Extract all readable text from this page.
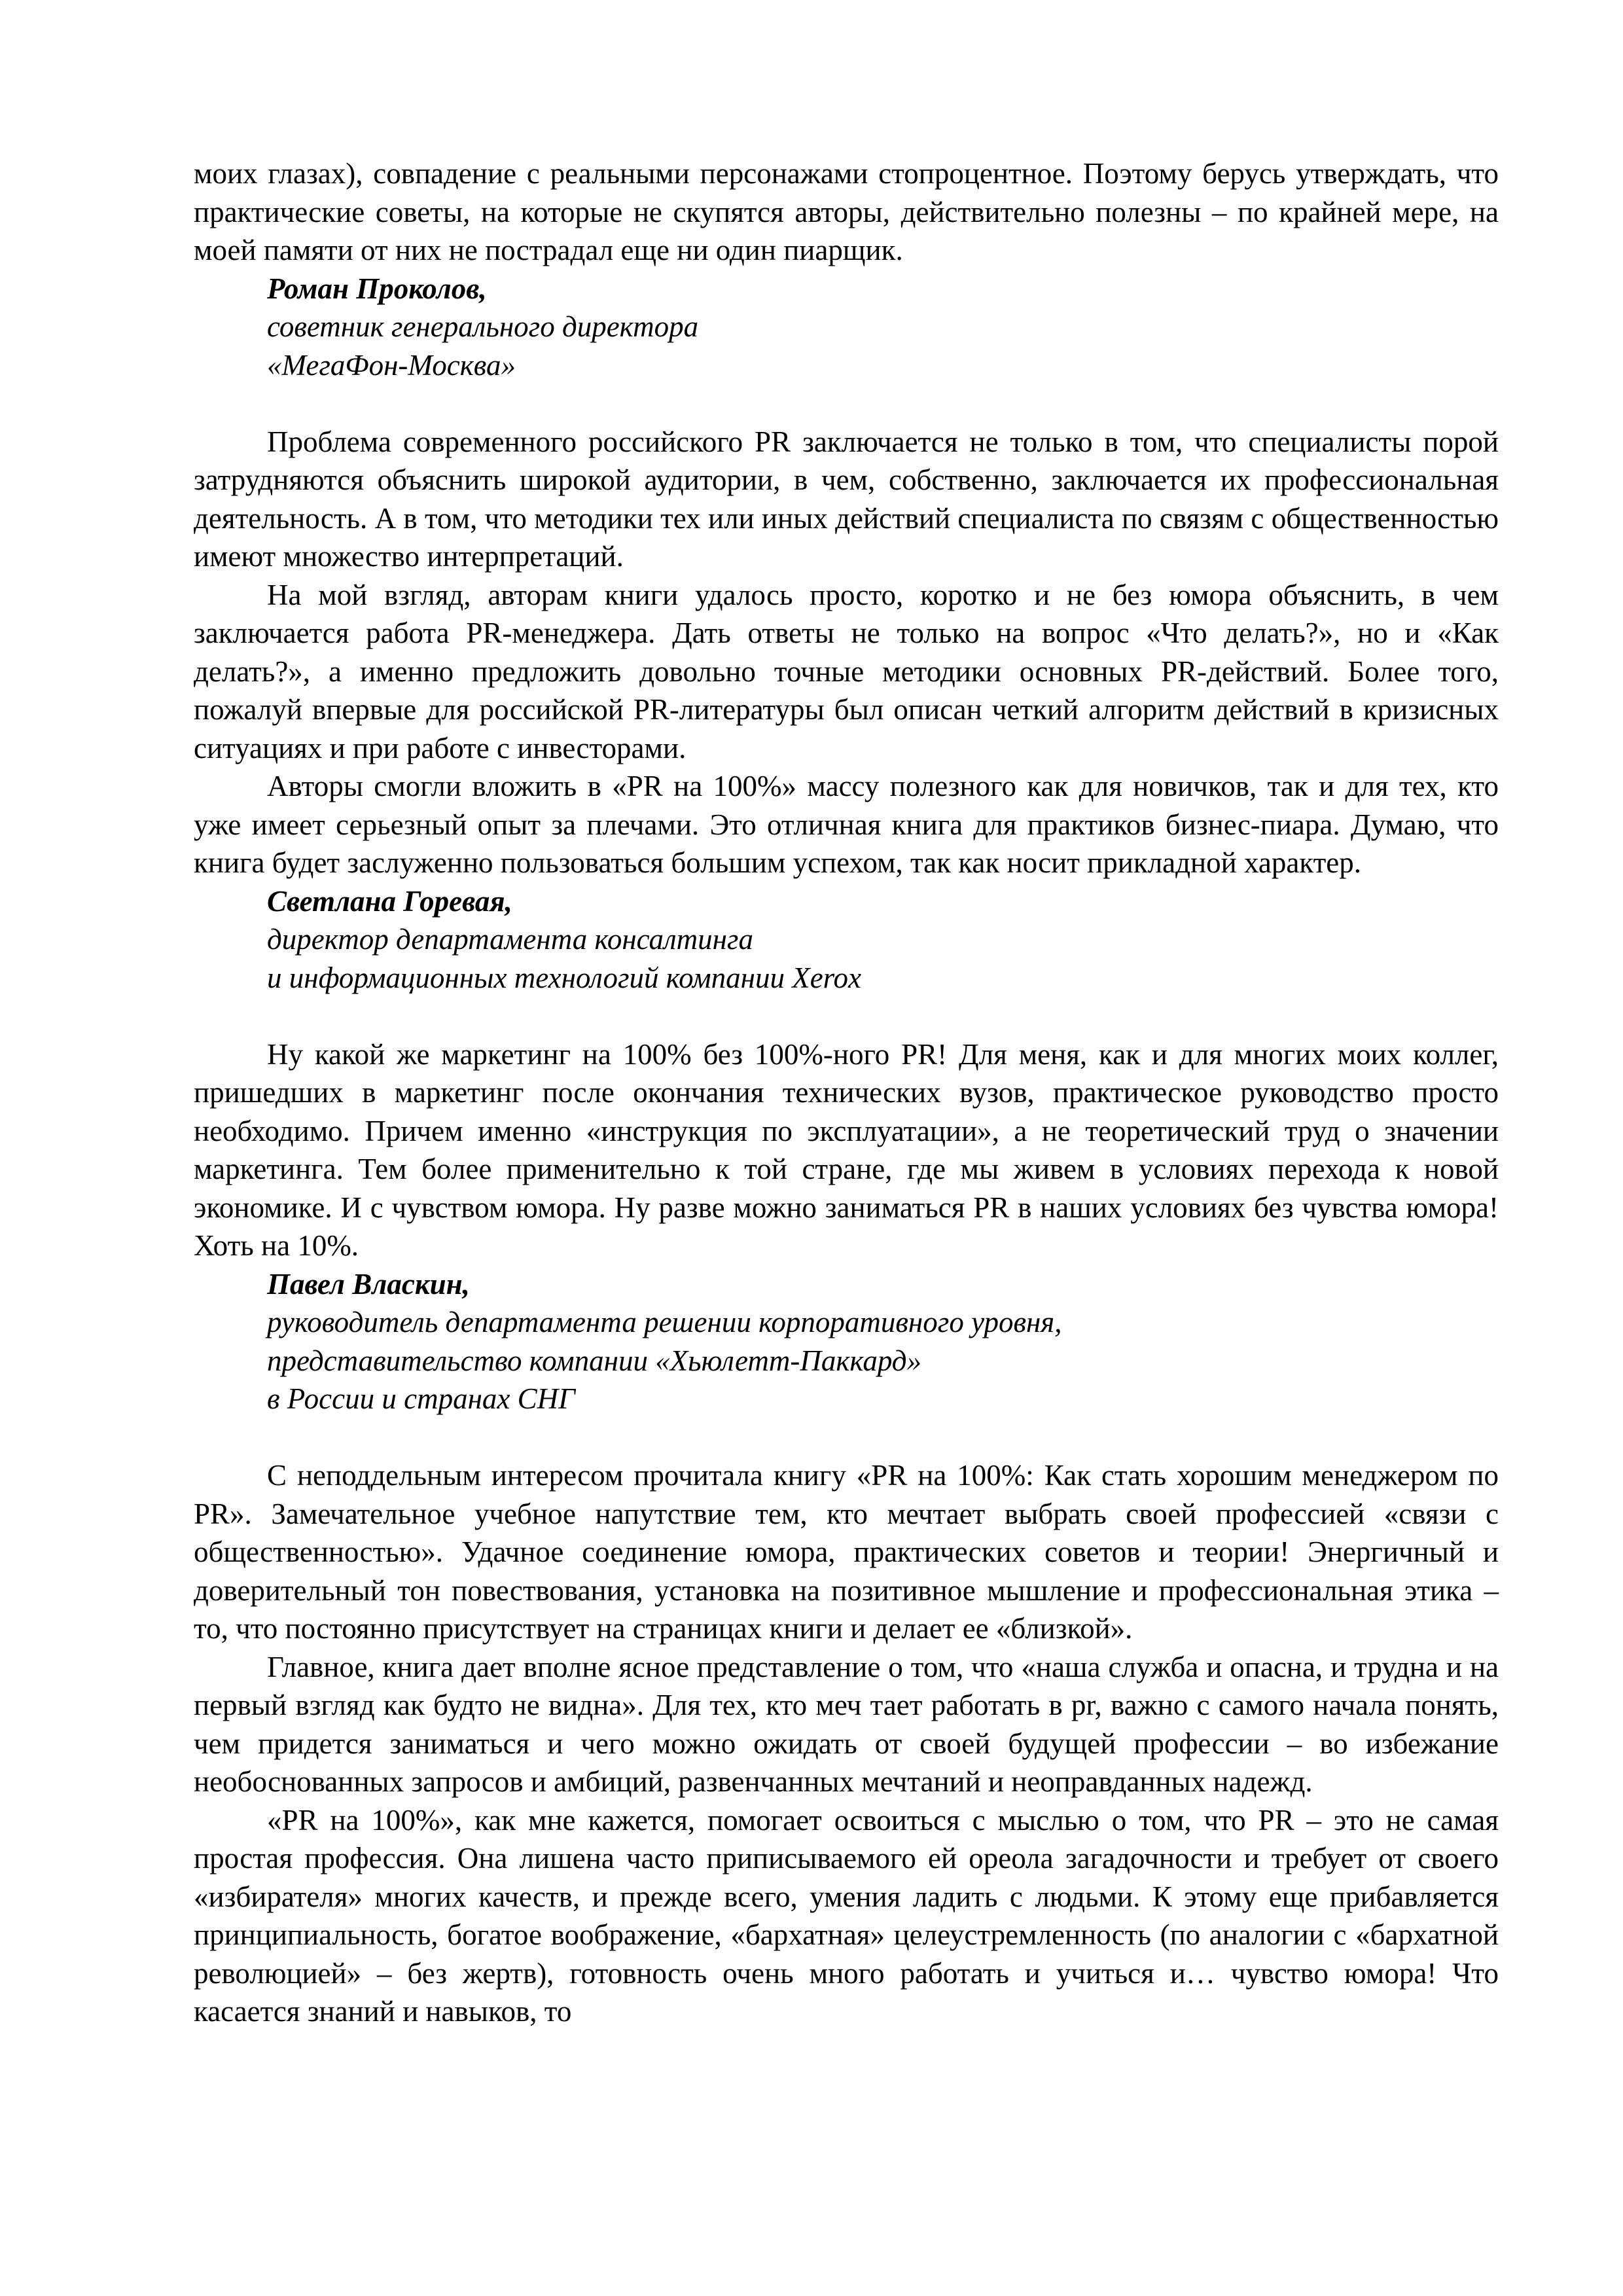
моих глазах), совпадение с реальными персонажами стопроцентное. Поэтому берусь утверждать, что практические советы, на которые не скупятся авторы, действительно полезны – по крайней мере, на моей памяти от них не пострадал еще ни один пиарщик.

Роман Проколов,
советник генерального директора
«МегаФон-Москва»

Проблема современного российского PR заключается не только в том, что специалисты порой затрудняются объяснить широкой аудитории, в чем, собственно, заключается их профессиональная деятельность. А в том, что методики тех или иных действий специалиста по связям с общественностью имеют множество интерпретаций.

На мой взгляд, авторам книги удалось просто, коротко и не без юмора объяснить, в чем заключается работа PR-менеджера. Дать ответы не только на вопрос «Что делать?», но и «Как делать?», а именно предложить довольно точные методики основных PR-действий. Более того, пожалуй впервые для российской PR-литературы был описан четкий алгоритм действий в кризисных ситуациях и при работе с инвесторами.

Авторы смогли вложить в «PR на 100%» массу полезного как для новичков, так и для тех, кто уже имеет серьезный опыт за плечами. Это отличная книга для практиков бизнес-пиара. Думаю, что книга будет заслуженно пользоваться большим успехом, так как носит прикладной характер.

Светлана Горевая,
директор департамента консалтинга
и информационных технологий компании Xerox

Ну какой же маркетинг на 100% без 100%-ного PR! Для меня, как и для многих моих коллег, пришедших в маркетинг после окончания технических вузов, практическое руководство просто необходимо. Причем именно «инструкция по эксплуатации», а не теоретический труд о значении маркетинга. Тем более применительно к той стране, где мы живем в условиях перехода к новой экономике. И с чувством юмора. Ну разве можно заниматься PR в наших условиях без чувства юмора! Хоть на 10%.

Павел Власкин,
руководитель департамента решении корпоративного уровня,
представительство компании «Хьюлетт-Паккард»
в России и странах СНГ

С неподдельным интересом прочитала книгу «PR на 100%: Как стать хорошим менеджером по PR». Замечательное учебное напутствие тем, кто мечтает выбрать своей профессией «связи с общественностью». Удачное соединение юмора, практических советов и теории! Энергичный и доверительный тон повествования, установка на позитивное мышление и профессиональная этика – то, что постоянно присутствует на страницах книги и делает ее «близкой».

Главное, книга дает вполне ясное представление о том, что «наша служба и опасна, и трудна и на первый взгляд как будто не видна». Для тех, кто меч тает работать в pr, важно с самого начала понять, чем придется заниматься и чего можно ожидать от своей будущей профессии – во избежание необоснованных запросов и амбиций, развенчанных мечтаний и неоправданных надежд.

«PR на 100%», как мне кажется, помогает освоиться с мыслью о том, что PR – это не самая простая профессия. Она лишена часто приписываемого ей ореола загадочности и требует от своего «избирателя» многих качеств, и прежде всего, умения ладить с людьми. К этому еще прибавляется принципиальность, богатое воображение, «бархатная» целеустремленность (по аналогии с «бархатной революцией» – без жертв), готовность очень много работать и учиться и… чувство юмора! Что касается знаний и навыков, то
